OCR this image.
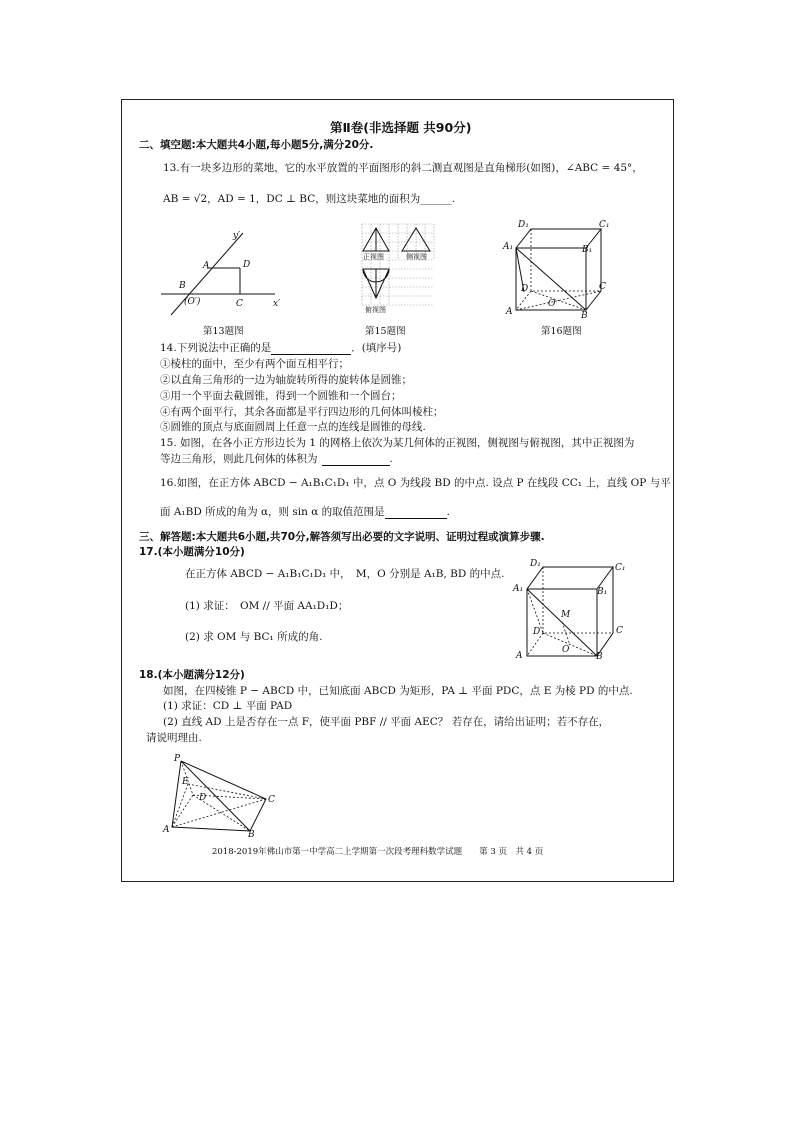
第Ⅱ卷(非选择题 共90分)
二、填空题:本大题共4小题,每小题5分,满分20分.
13.有一块多边形的菜地，它的水平放置的平面图形的斜二测直观图是直角梯形(如图)，∠ABC = 45°，
AB = √2，AD = 1，DC ⊥ BC，则这块菜地的面积为______.
y′
A	D
B
(O′)	C	x′
第13题图
正视图	侧视图
俯视图
第15题图
D₁	C₁
A₁	B₁
D	C
A	B
O
第16题图
14.下列说法中正确的是	．(填序号)
①棱柱的面中，至少有两个面互相平行；
②以直角三角形的一边为轴旋转所得的旋转体是圆锥；
③用一个平面去截圆锥，得到一个圆锥和一个圆台；
④有两个面平行，其余各面都是平行四边形的几何体叫棱柱；
⑤圆锥的顶点与底面圆周上任意一点的连线是圆锥的母线.
15. 如图，在各小正方形边长为 1 的网格上依次为某几何体的正视图，侧视图与俯视图，其中正视图为
等边三角形，则此几何体的体积为	.
16.如图，在正方体 ABCD − A₁B₁C₁D₁ 中，点 O 为线段 BD 的中点. 设点 P 在线段 CC₁ 上，直线 OP 与平
面 A₁BD 所成的角为 α，则 sin α 的取值范围是	.
三、解答题:本大题共6小题,共70分,解答须写出必要的文字说明、证明过程或演算步骤.
17.(本小题满分10分)
在正方体 ABCD − A₁B₁C₁D₁ 中，　M，O 分别是 A₁B, BD 的中点.
(1) 求证：　OM // 平面 AA₁D₁D；
(2) 求 OM 与 BC₁ 所成的角.
D₁	C₁
A₁	B₁
M
D	C
A
O
B
18.(本小题满分12分)
如图，在四棱锥 P − ABCD 中，已知底面 ABCD 为矩形，PA ⊥ 平面 PDC，点 E 为棱 PD 的中点.
(1) 求证：CD ⊥ 平面 PAD
(2) 直线 AD 上是否存在一点 F，使平面 PBF // 平面 AEC？ 若存在，请给出证明；若不存在，
请说明理由.
P
E
D	C
A	B
2018-2019年佛山市第一中学高二上学期第一次段考理科数学试题　　第 3 页　共 4 页
